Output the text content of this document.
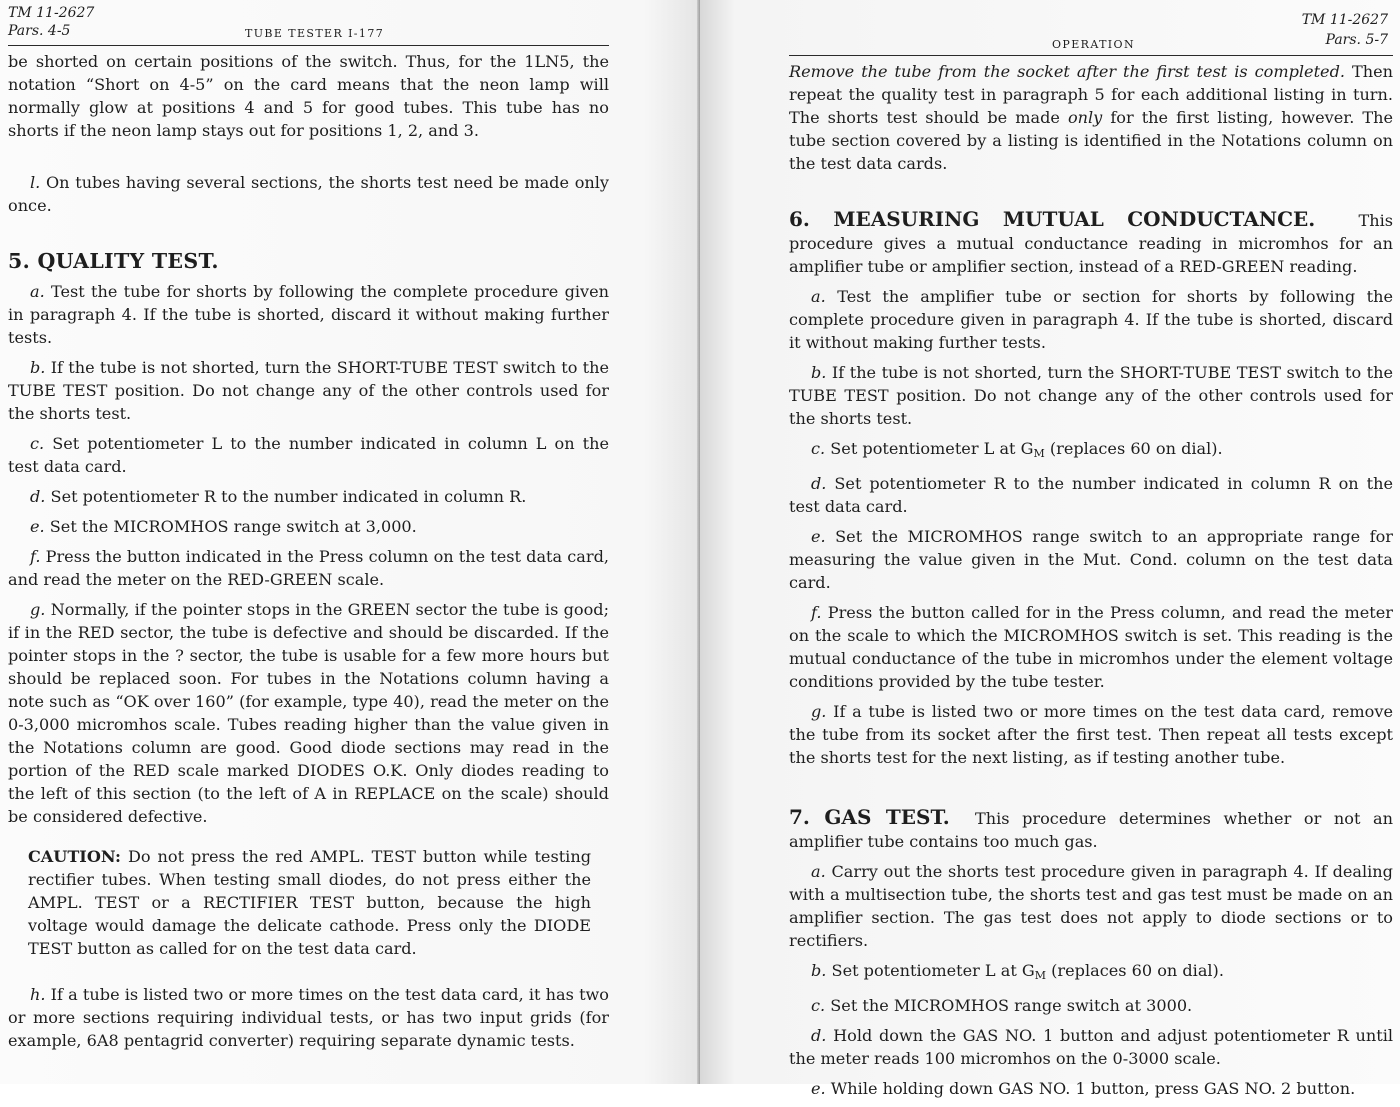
TM 11-2627
Pars. 4-5	TUBE TESTER I-177

be shorted on certain positions of the switch. Thus, for the 1LN5, the notation “Short on 4-5” on the card means that the neon lamp will normally glow at positions 4 and 5 for good tubes. This tube has no shorts if the neon lamp stays out for positions 1, 2, and 3.

l. On tubes having several sections, the shorts test need be made only once.

5. QUALITY TEST.

a. Test the tube for shorts by following the complete procedure given in paragraph 4. If the tube is shorted, discard it without making further tests.

b. If the tube is not shorted, turn the SHORT-TUBE TEST switch to the TUBE TEST position. Do not change any of the other controls used for the shorts test.

c. Set potentiometer L to the number indicated in column L on the test data card.

d. Set potentiometer R to the number indicated in column R.

e. Set the MICROMHOS range switch at 3,000.

f. Press the button indicated in the Press column on the test data card, and read the meter on the RED-GREEN scale.

g. Normally, if the pointer stops in the GREEN sector the tube is good; if in the RED sector, the tube is defective and should be discarded. If the pointer stops in the ? sector, the tube is usable for a few more hours but should be replaced soon. For tubes in the Notations column having a note such as “OK over 160” (for example, type 40), read the meter on the 0-3,000 micromhos scale. Tubes reading higher than the value given in the Notations column are good. Good diode sections may read in the portion of the RED scale marked DIODES O.K. Only diodes reading to the left of this section (to the left of A in REPLACE on the scale) should be considered defective.

CAUTION: Do not press the red AMPL. TEST button while testing rectifier tubes. When testing small diodes, do not press either the AMPL. TEST or a RECTIFIER TEST button, because the high voltage would damage the delicate cathode. Press only the DIODE TEST button as called for on the test data card.

h. If a tube is listed two or more times on the test data card, it has two or more sections requiring individual tests, or has two input grids (for example, 6A8 pentagrid converter) requiring separate dynamic tests.

TM 11-2627
Pars. 5-7
OPERATION

Remove the tube from the socket after the first test is completed. Then repeat the quality test in paragraph 5 for each additional listing in turn. The shorts test should be made only for the first listing, however. The tube section covered by a listing is identified in the Notations column on the test data cards.

6. MEASURING MUTUAL CONDUCTANCE.	This procedure gives a mutual conductance reading in micromhos for an amplifier tube or amplifier section, instead of a RED-GREEN reading.

a. Test the amplifier tube or section for shorts by following the complete procedure given in paragraph 4. If the tube is shorted, discard it without making further tests.

b. If the tube is not shorted, turn the SHORT-TUBE TEST switch to the TUBE TEST position. Do not change any of the other controls used for the shorts test.

c. Set potentiometer L at $G_M$ (replaces 60 on dial).

d. Set potentiometer R to the number indicated in column R on the test data card.

e. Set the MICROMHOS range switch to an appropriate range for measuring the value given in the Mut. Cond. column on the test data card.

f. Press the button called for in the Press column, and read the meter on the scale to which the MICROMHOS switch is set. This reading is the mutual conductance of the tube in micromhos under the element voltage conditions provided by the tube tester.

g. If a tube is listed two or more times on the test data card, remove the tube from its socket after the first test. Then repeat all tests except the shorts test for the next listing, as if testing another tube.

7. GAS TEST. This procedure determines whether or not an amplifier tube contains too much gas.

a. Carry out the shorts test procedure given in paragraph 4. If dealing with a multisection tube, the shorts test and gas test must be made on an amplifier section. The gas test does not apply to diode sections or to rectifiers.

b. Set potentiometer L at $G_M$ (replaces 60 on dial).

c. Set the MICROMHOS range switch at 3000.

d. Hold down the GAS NO. 1 button and adjust potentiometer R until the meter reads 100 micromhos on the 0-3000 scale.

e. While holding down GAS NO. 1 button, press GAS NO. 2 button.
